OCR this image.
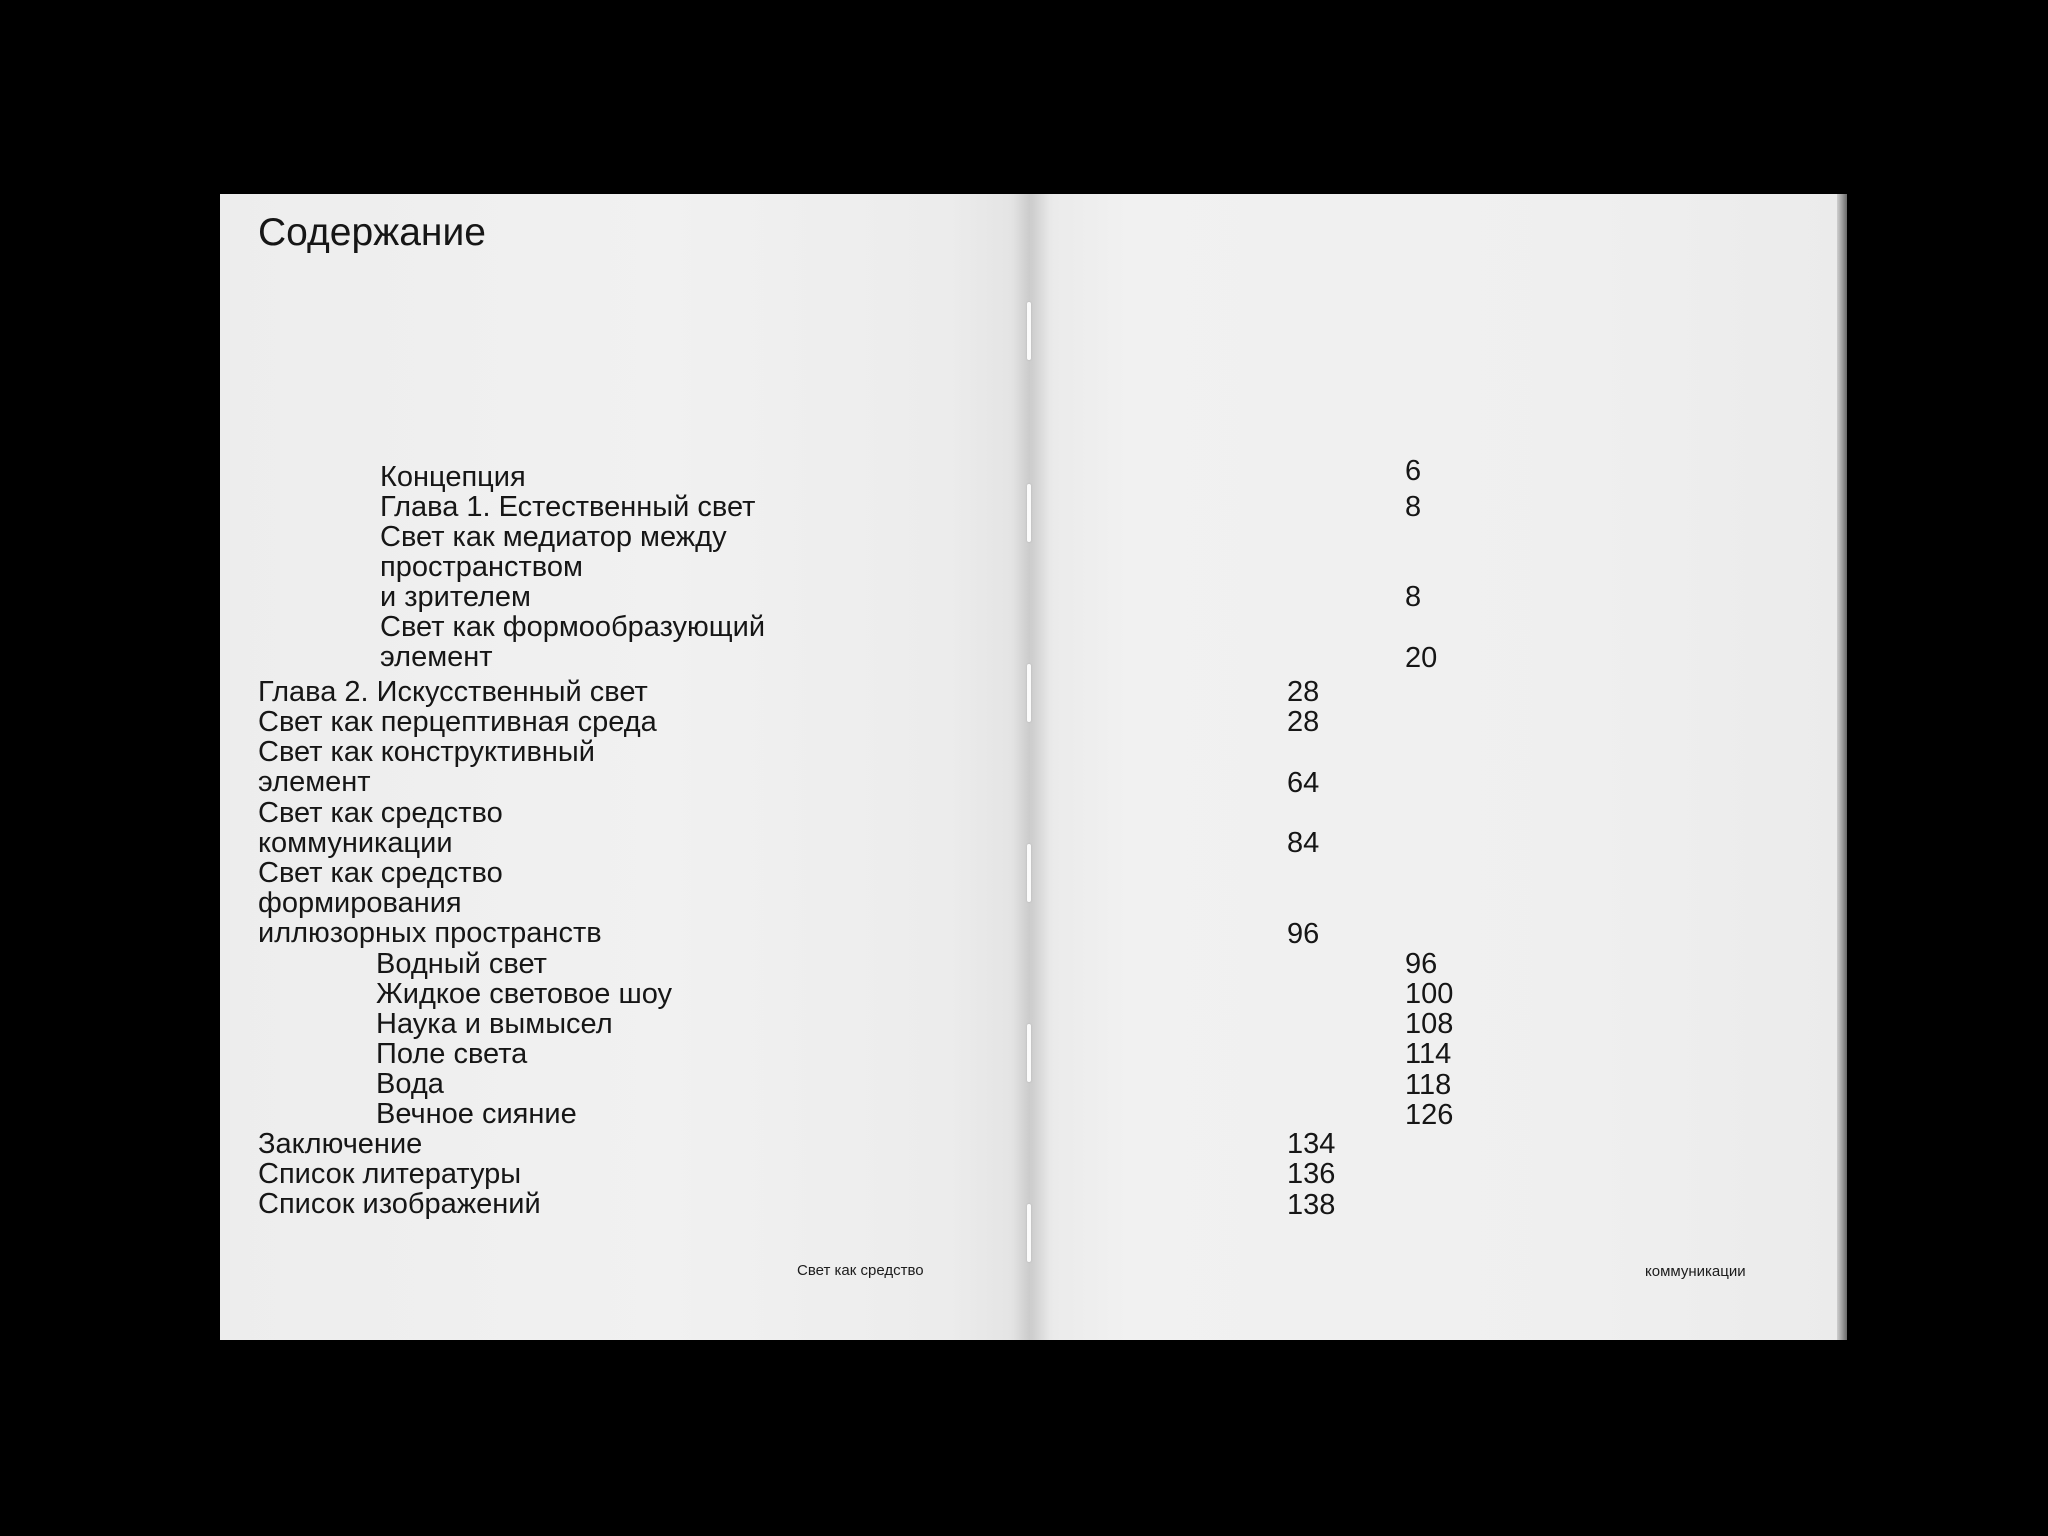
Содержание
Концепция
Глава 1. Естественный свет
Свет как медиатор между
пространством
и зрителем
Свет как формообразующий
элемент
Глава 2. Искусственный свет
Свет как перцептивная среда
Свет как конструктивный
элемент
Свет как средство
коммуникации
Свет как средство
формирования
иллюзорных пространств
Водный свет
Жидкое световое шоу
Наука и вымысел
Поле света
Вода
Вечное сияние
Заключение
Список литературы
Список изображений
6
8
8
20
28
28
64
84
96
96
100
108
114
118
126
134
136
138
Свет как средство	коммуникации
